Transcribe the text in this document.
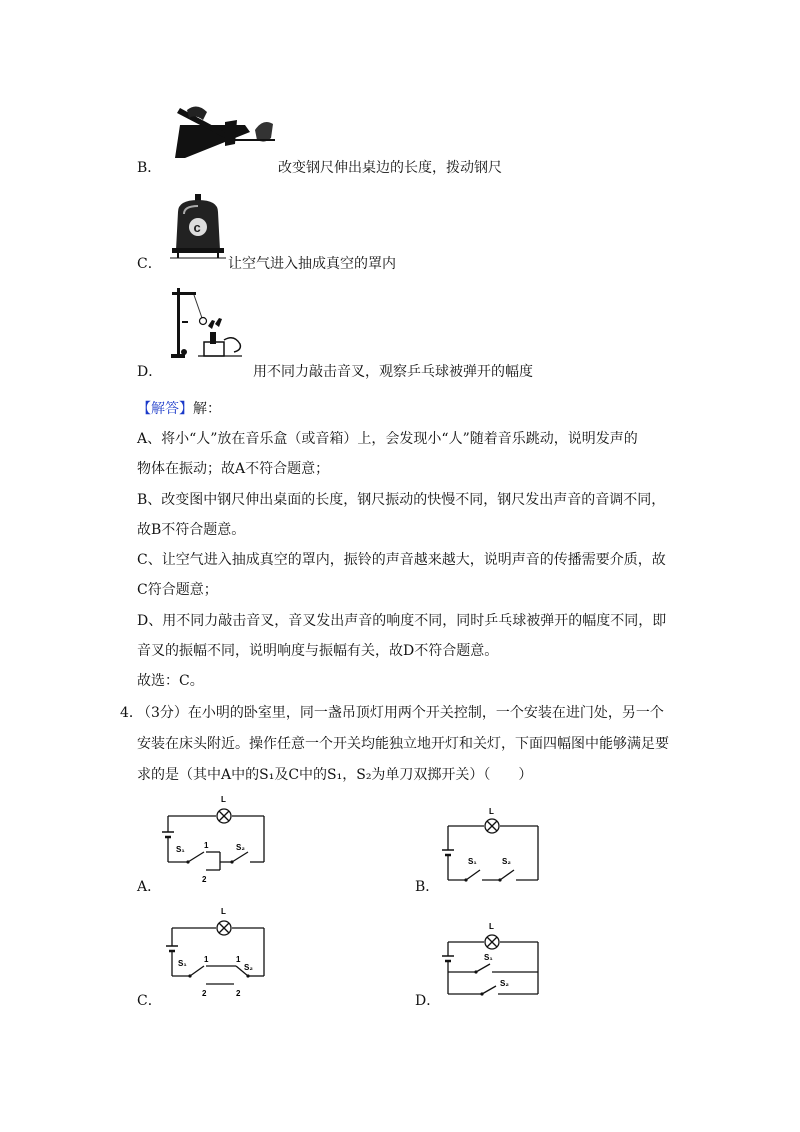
B．	改变钢尺伸出桌边的长度，拨动钢尺
c
C．	让空气进入抽成真空的罩内
D．	用不同力敲击音叉，观察乒乓球被弹开的幅度
【解答】解：
A、将小“人”放在音乐盒（或音箱）上，会发现小“人”随着音乐跳动，说明发声的
物体在振动；故A不符合题意；
B、改变图中钢尺伸出桌面的长度，钢尺振动的快慢不同，钢尺发出声音的音调不同，
故B不符合题意。
C、让空气进入抽成真空的罩内，振铃的声音越来越大，说明声音的传播需要介质，故
C符合题意；
D、用不同力敲击音叉，音叉发出声音的响度不同，同时乒乓球被弹开的幅度不同，即
音叉的振幅不同，说明响度与振幅有关，故D不符合题意。
故选：C。
4．
（3分）在小明的卧室里，同一盏吊顶灯用两个开关控制，一个安装在进门处，另一个
安装在床头附近。操作任意一个开关均能独立地开灯和关灯，下面四幅图中能够满足要
求的是（其中A中的S₁及C中的S₁，S₂为单刀双掷开关）（　　）
L
S₁	S₂
1
2
A．
L
S₁	S₂
B．
L
S₁	S₂
1
2
1
2
C．
L
S₁
S₂
D．
